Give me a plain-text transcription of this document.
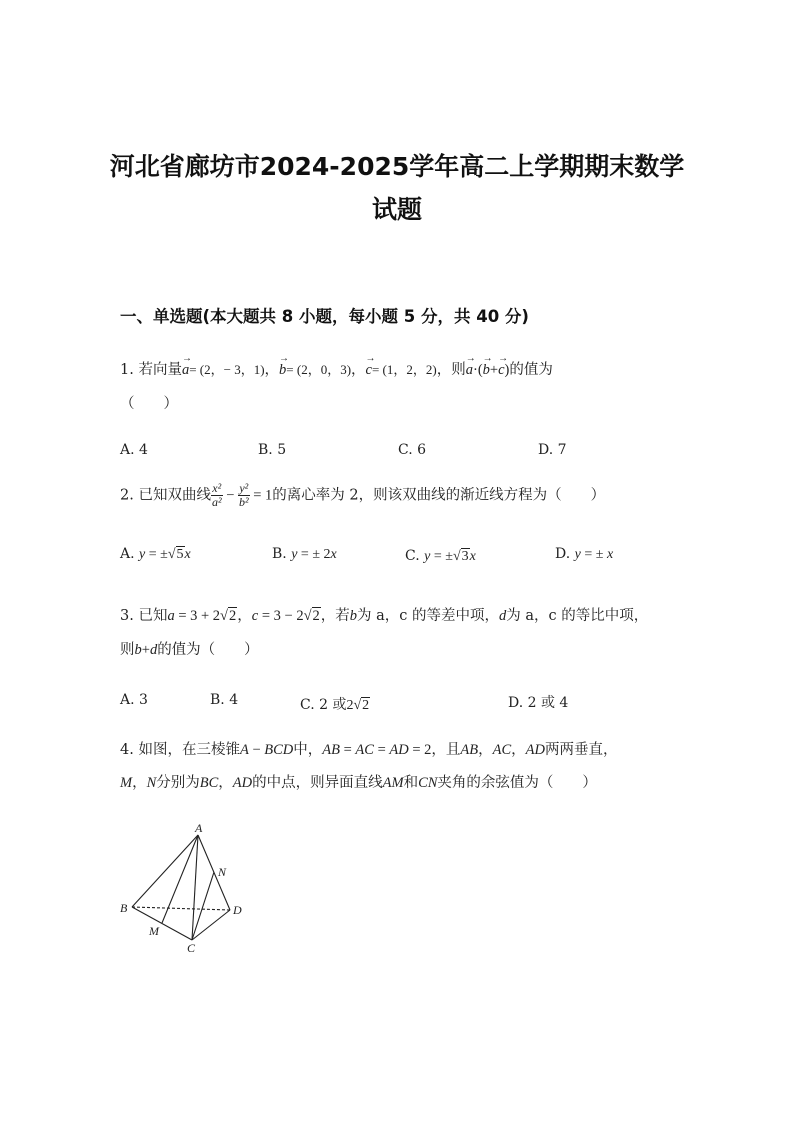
河北省廊坊市2024-2025学年高二上学期期末数学
试题
一、单选题(本大题共 8 小题，每小题 5 分，共 40 分)
1. 若向量→ a= (2，− 3，1)，→ b= (2，0，3)，→ c= (1，2，2)，则→ a·(→ b+→ c)的值为
（　　）
A. 4	B. 5	C. 6	D. 7
2. 已知双曲线 $\frac{\text{x²}}{\text{a²}} - \frac{\text{y²}}{\text{b²}} = 1$的离心率为 2，则该双曲线的渐近线方程为（　　）
A. y = ±√5x	B. y = ± 2x	C. y = ±√3x	D. y = ± x
3. 已知a = 3 + 2√2，c = 3 − 2√2，若b为 a，c 的等差中项，d为 a，c 的等比中项，
则b+d的值为（　　）
A. 3	B. 4	C. 2 或2√2	D. 2 或 4
4. 如图，在三棱锥A − BCD中，AB = AC = AD = 2，且AB，AC，AD两两垂直，
M，N分别为BC，AD的中点，则异面直线AM和CN夹角的余弦值为（　　）
A
B
C
D
M
N
